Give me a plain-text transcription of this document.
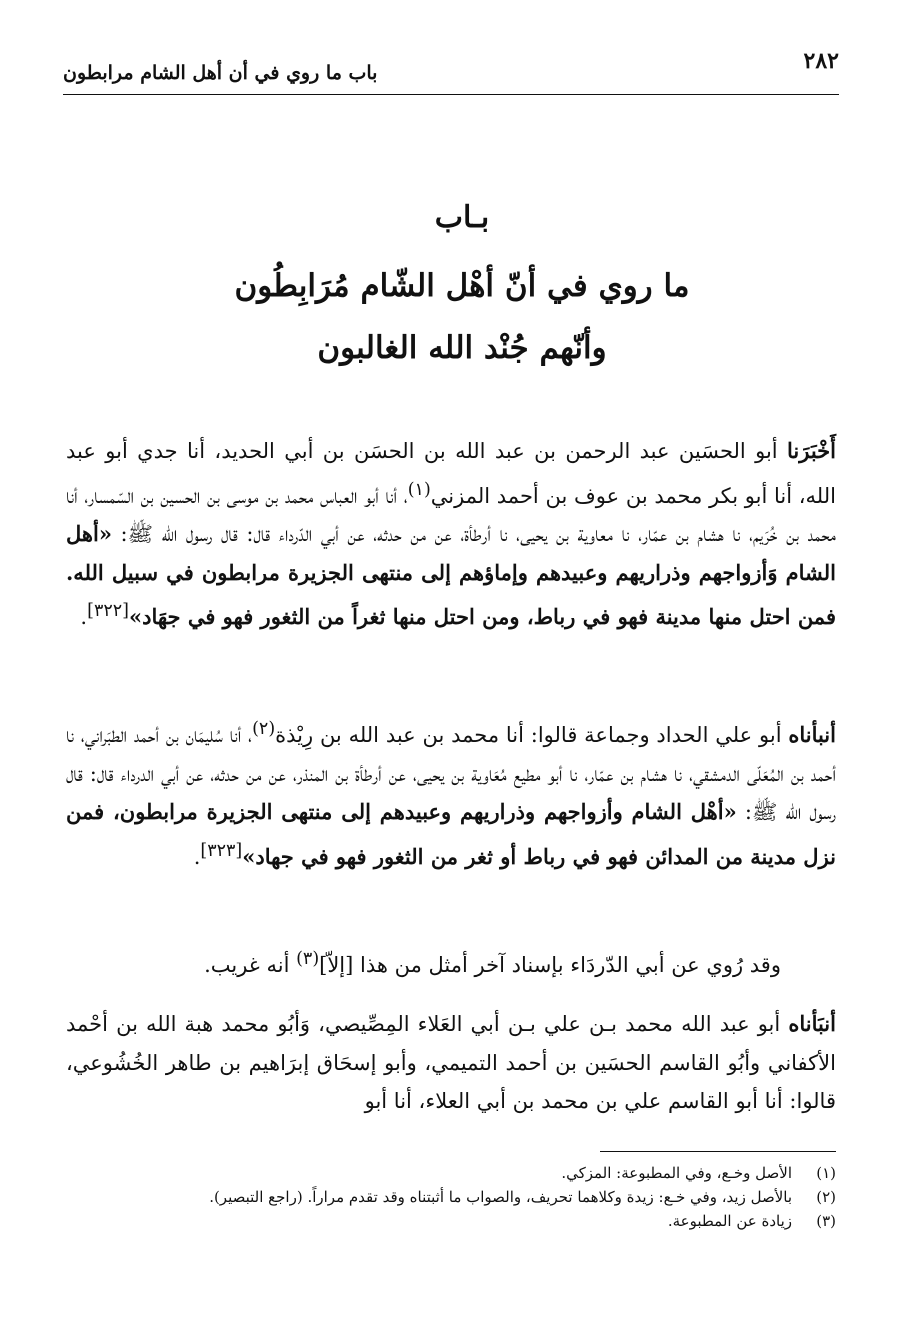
٢٨٢
باب ما روي في أن أهل الشام مرابطون
بـاب
ما روي في أنّ أهْل الشّام مُرَابِطُون
وأنّهم جُنْد الله الغالبون

أَخْبَرَنا أبو الحسَين عبد الرحمن بن عبد الله بن الحسَن بن أبي الحديد، أنا جدي أبو عبد الله، أنا أبو بكر محمد بن عوف بن أحمد المزني$^{(١)}$، أنا أبو العباس محمد بن موسى بن الحسين بن السّمسار، أنا محمد بن خُرَيم، نا هشام بن عمّار، نا معاوية بن يحيى، نا أرطأة، عن من حدثه، عن أبي الدّرداء قال: قال رسول الله ﷺ: «أهل الشام وَأزواجهم وذراريهم وعبيدهم وإماؤهم إلى منتهى الجزيرة مرابطون في سبيل الله. فمن احتل منها مدينة فهو في رباط، ومن احتل منها ثغراً من الثغور فهو في جهَاد»[٣٢٢].

أنبأناه أبو علي الحداد وجماعة قالوا: أنا محمد بن عبد الله بن رِيْذة$^{(٢)}$، أنا سُليمَان بن أحمد الطبَراني، نا أحمد بن المُعَلّى الدمشقي، نا هشام بن عمّار، نا أبو مطيع مُعَاوية بن يحيى، عن أرطأة بن المنذر، عن من حدثه، عن أبي الدرداء قال: قال رسول الله ﷺ: «أهْل الشام وأزواجهم وذراريهم وعبيدهم إلى منتهى الجزيرة مرابطون، فمن نزل مدينة من المدائن فهو في رباط أو ثغر من الثغور فهو في جهاد»[٣٢٣].

وقد رُوي عن أبي الدّردَاء بإسناد آخر أمثل من هذا [إلاّ]$^{(٣)}$ أنه غريب.

أنبَأناه أبو عبد الله محمد بـن علي بـن أبي العَلاء المِصِّيصي، وَأبُو محمد هبة الله بن أحْمد الأكفاني وأبُو القاسم الحسَين بن أحمد التميمي، وأبو إسحَاق إبرَاهيم بن طاهر الخُشُوعي، قالوا: أنا أبو القاسم علي بن محمد بن أبي العلاء، أنا أبو

(١)
الأصل وخـع، وفي المطبوعة: المزكي.
(٢)
بالأصل زيد، وفي خـع: زيدة وكلاهما تحريف، والصواب ما أثبتناه وقد تقدم مراراً. (راجع التبصير).
(٣)
زيادة عن المطبوعة.
